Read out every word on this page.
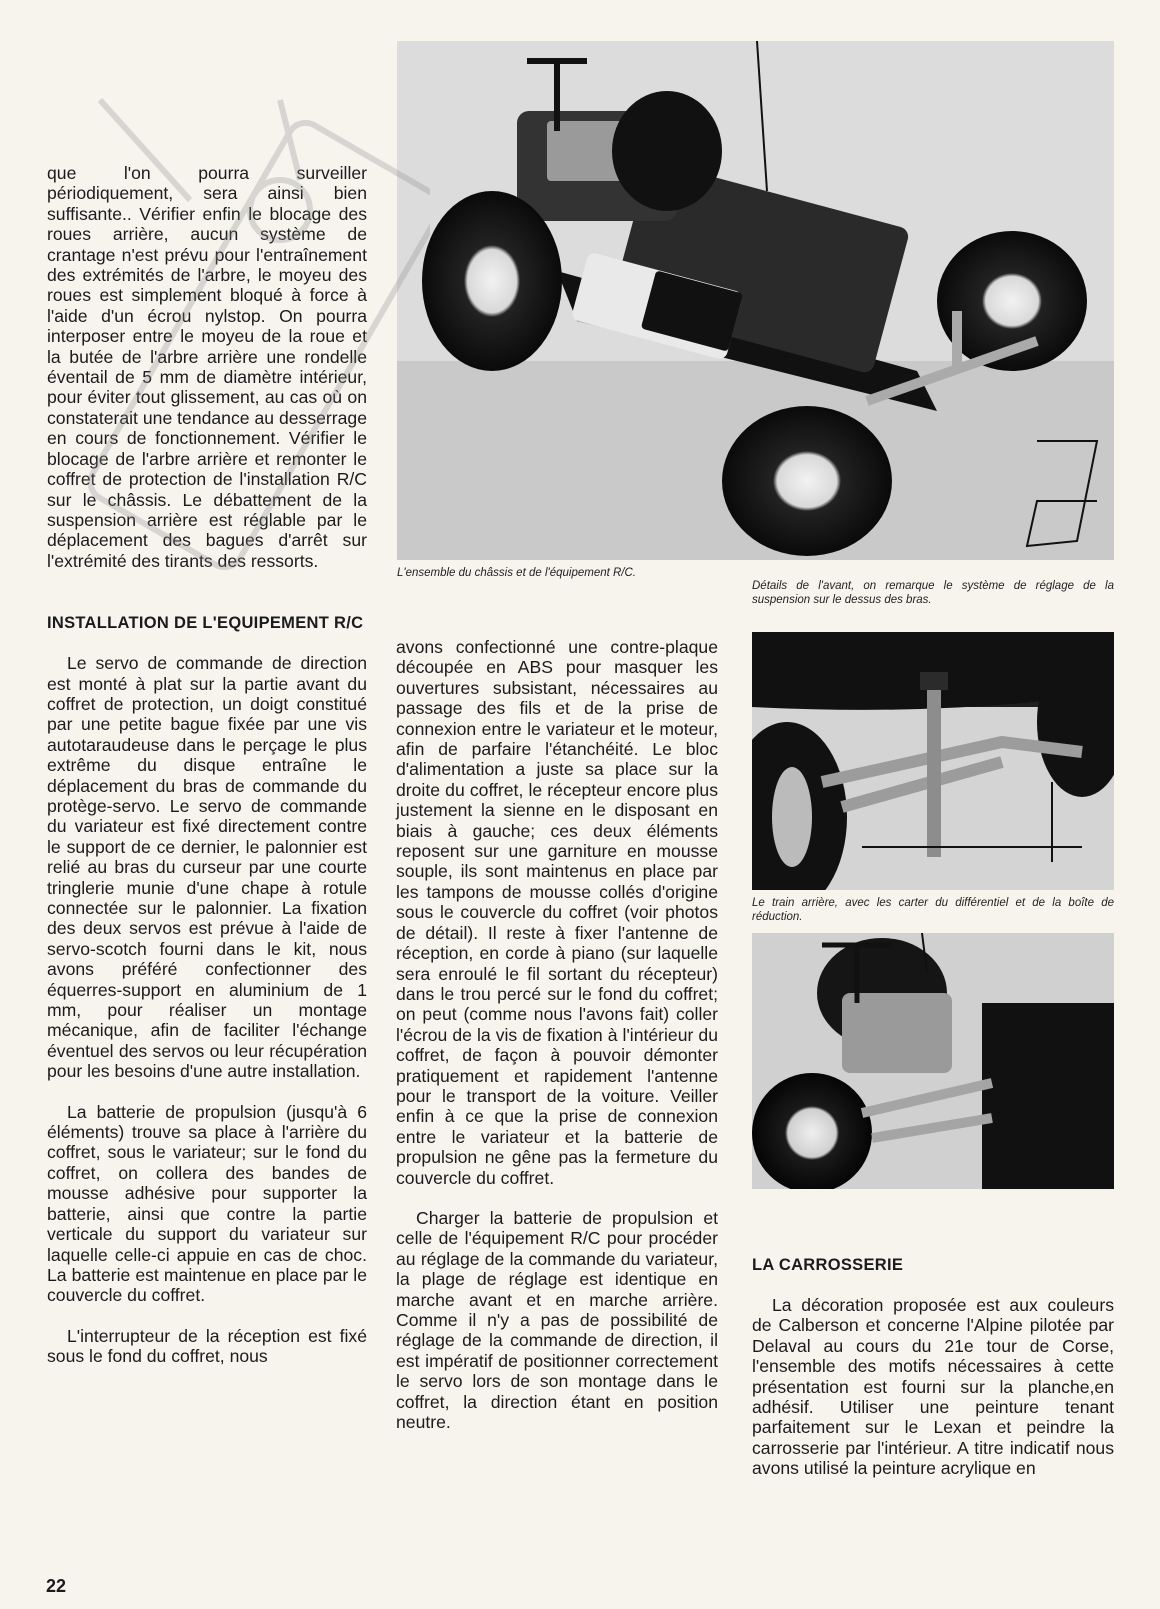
que l'on pourra surveiller périodiquement, sera ainsi bien suffisante.. Vérifier enfin le blocage des roues arrière, aucun système de crantage n'est prévu pour l'entraînement des extrémités de l'arbre, le moyeu des roues est simplement bloqué à force à l'aide d'un écrou nylstop. On pourra interposer entre le moyeu de la roue et la butée de l'arbre arrière une rondelle éventail de 5 mm de diamètre intérieur, pour éviter tout glissement, au cas où on constaterait une tendance au desserrage en cours de fonctionnement. Vérifier le blocage de l'arbre arrière et remonter le coffret de protection de l'installation R/C sur le châssis. Le débattement de la suspension arrière est réglable par le déplacement des bagues d'arrêt sur l'extrémité des tirants des ressorts.

INSTALLATION DE L'EQUIPEMENT R/C

Le servo de commande de direction est monté à plat sur la partie avant du coffret de protection, un doigt constitué par une petite bague fixée par une vis autotaraudeuse dans le perçage le plus extrême du disque entraîne le déplacement du bras de commande du protège-servo. Le servo de commande du variateur est fixé directement contre le support de ce dernier, le palonnier est relié au bras du curseur par une courte tringlerie munie d'une chape à rotule connectée sur le palonnier. La fixation des deux servos est prévue à l'aide de servo-scotch fourni dans le kit, nous avons préféré confectionner des équerres-support en aluminium de 1 mm, pour réaliser un montage mécanique, afin de faciliter l'échange éventuel des servos ou leur récupération pour les besoins d'une autre installation.

La batterie de propulsion (jusqu'à 6 éléments) trouve sa place à l'arrière du coffret, sous le variateur; sur le fond du coffret, on collera des bandes de mousse adhésive pour supporter la batterie, ainsi que contre la partie verticale du support du variateur sur laquelle celle-ci appuie en cas de choc. La batterie est maintenue en place par le couvercle du coffret.

L'interrupteur de la réception est fixé sous le fond du coffret, nous

L'ensemble du châssis et de l'équipement R/C.
Détails de l'avant, on remarque le système de réglage de la suspension sur le dessus des bras.
Le train arrière, avec les carter du différentiel et de la boîte de réduction.

avons confectionné une contre-plaque découpée en ABS pour masquer les ouvertures subsistant, nécessaires au passage des fils et de la prise de connexion entre le variateur et le moteur, afin de parfaire l'étanchéité. Le bloc d'alimentation a juste sa place sur la droite du coffret, le récepteur encore plus justement la sienne en le disposant en biais à gauche; ces deux éléments reposent sur une garniture en mousse souple, ils sont maintenus en place par les tampons de mousse collés d'origine sous le couvercle du coffret (voir photos de détail). Il reste à fixer l'antenne de réception, en corde à piano (sur laquelle sera enroulé le fil sortant du récepteur) dans le trou percé sur le fond du coffret; on peut (comme nous l'avons fait) coller l'écrou de la vis de fixation à l'intérieur du coffret, de façon à pouvoir démonter pratiquement et rapidement l'antenne pour le transport de la voiture. Veiller enfin à ce que la prise de connexion entre le variateur et la batterie de propulsion ne gêne pas la fermeture du couvercle du coffret.

Charger la batterie de propulsion et celle de l'équipement R/C pour procéder au réglage de la commande du variateur, la plage de réglage est identique en marche avant et en marche arrière. Comme il n'y a pas de possibilité de réglage de la commande de direction, il est impératif de positionner correctement le servo lors de son montage dans le coffret, la direction étant en position neutre.

LA CARROSSERIE

La décoration proposée est aux couleurs de Calberson et concerne l'Alpine pilotée par Delaval au cours du 21e tour de Corse, l'ensemble des motifs nécessaires à cette présentation est fourni sur la planche,en adhésif. Utiliser une peinture tenant parfaitement sur le Lexan et peindre la carrosserie par l'intérieur. A titre indicatif nous avons utilisé la peinture acrylique en

22
